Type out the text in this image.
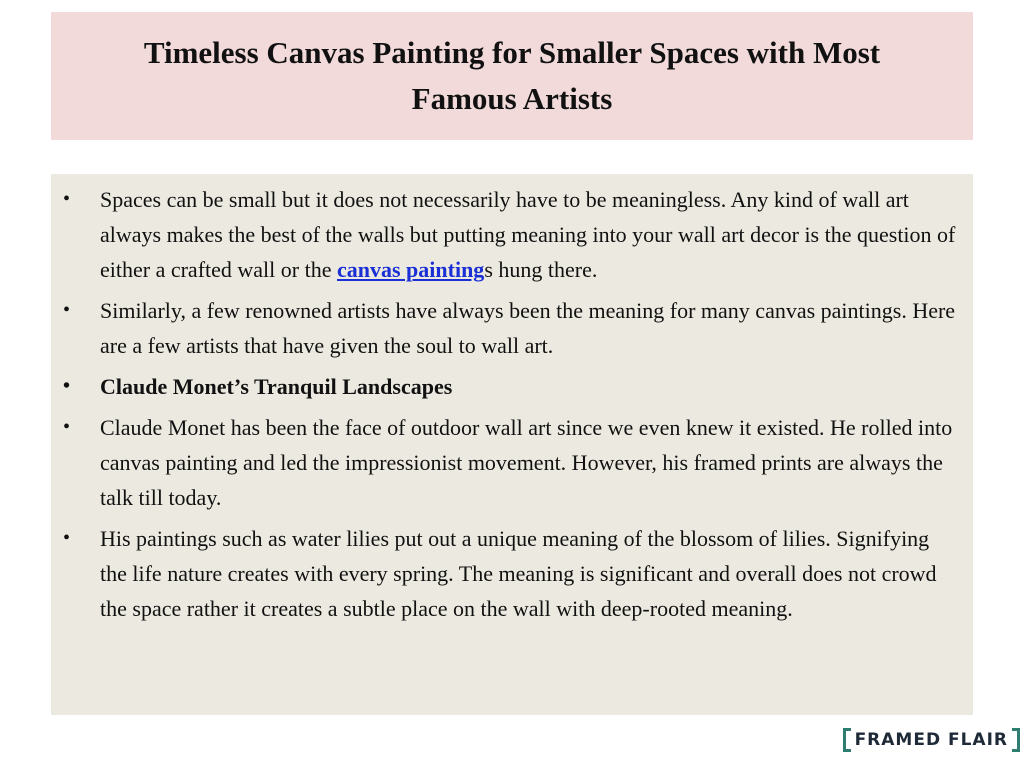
Timeless Canvas Painting for Smaller Spaces with Most Famous Artists
•	Spaces can be small but it does not necessarily have to be meaningless. Any kind of wall art always makes the best of the walls but putting meaning into your wall art decor is the question of either a crafted wall or the canvas paintings hung there.
•	Similarly, a few renowned artists have always been the meaning for many canvas paintings. Here are a few artists that have given the soul to wall art.
•	Claude Monet’s Tranquil Landscapes
•	Claude Monet has been the face of outdoor wall art since we even knew it existed. He rolled into canvas painting and led the impressionist movement. However, his framed prints are always the talk till today.
•	His paintings such as water lilies put out a unique meaning of the blossom of lilies. Signifying the life nature creates with every spring. The meaning is significant and overall does not crowd the space rather it creates a subtle place on the wall with deep-rooted meaning.
FRAMED FLAIR
